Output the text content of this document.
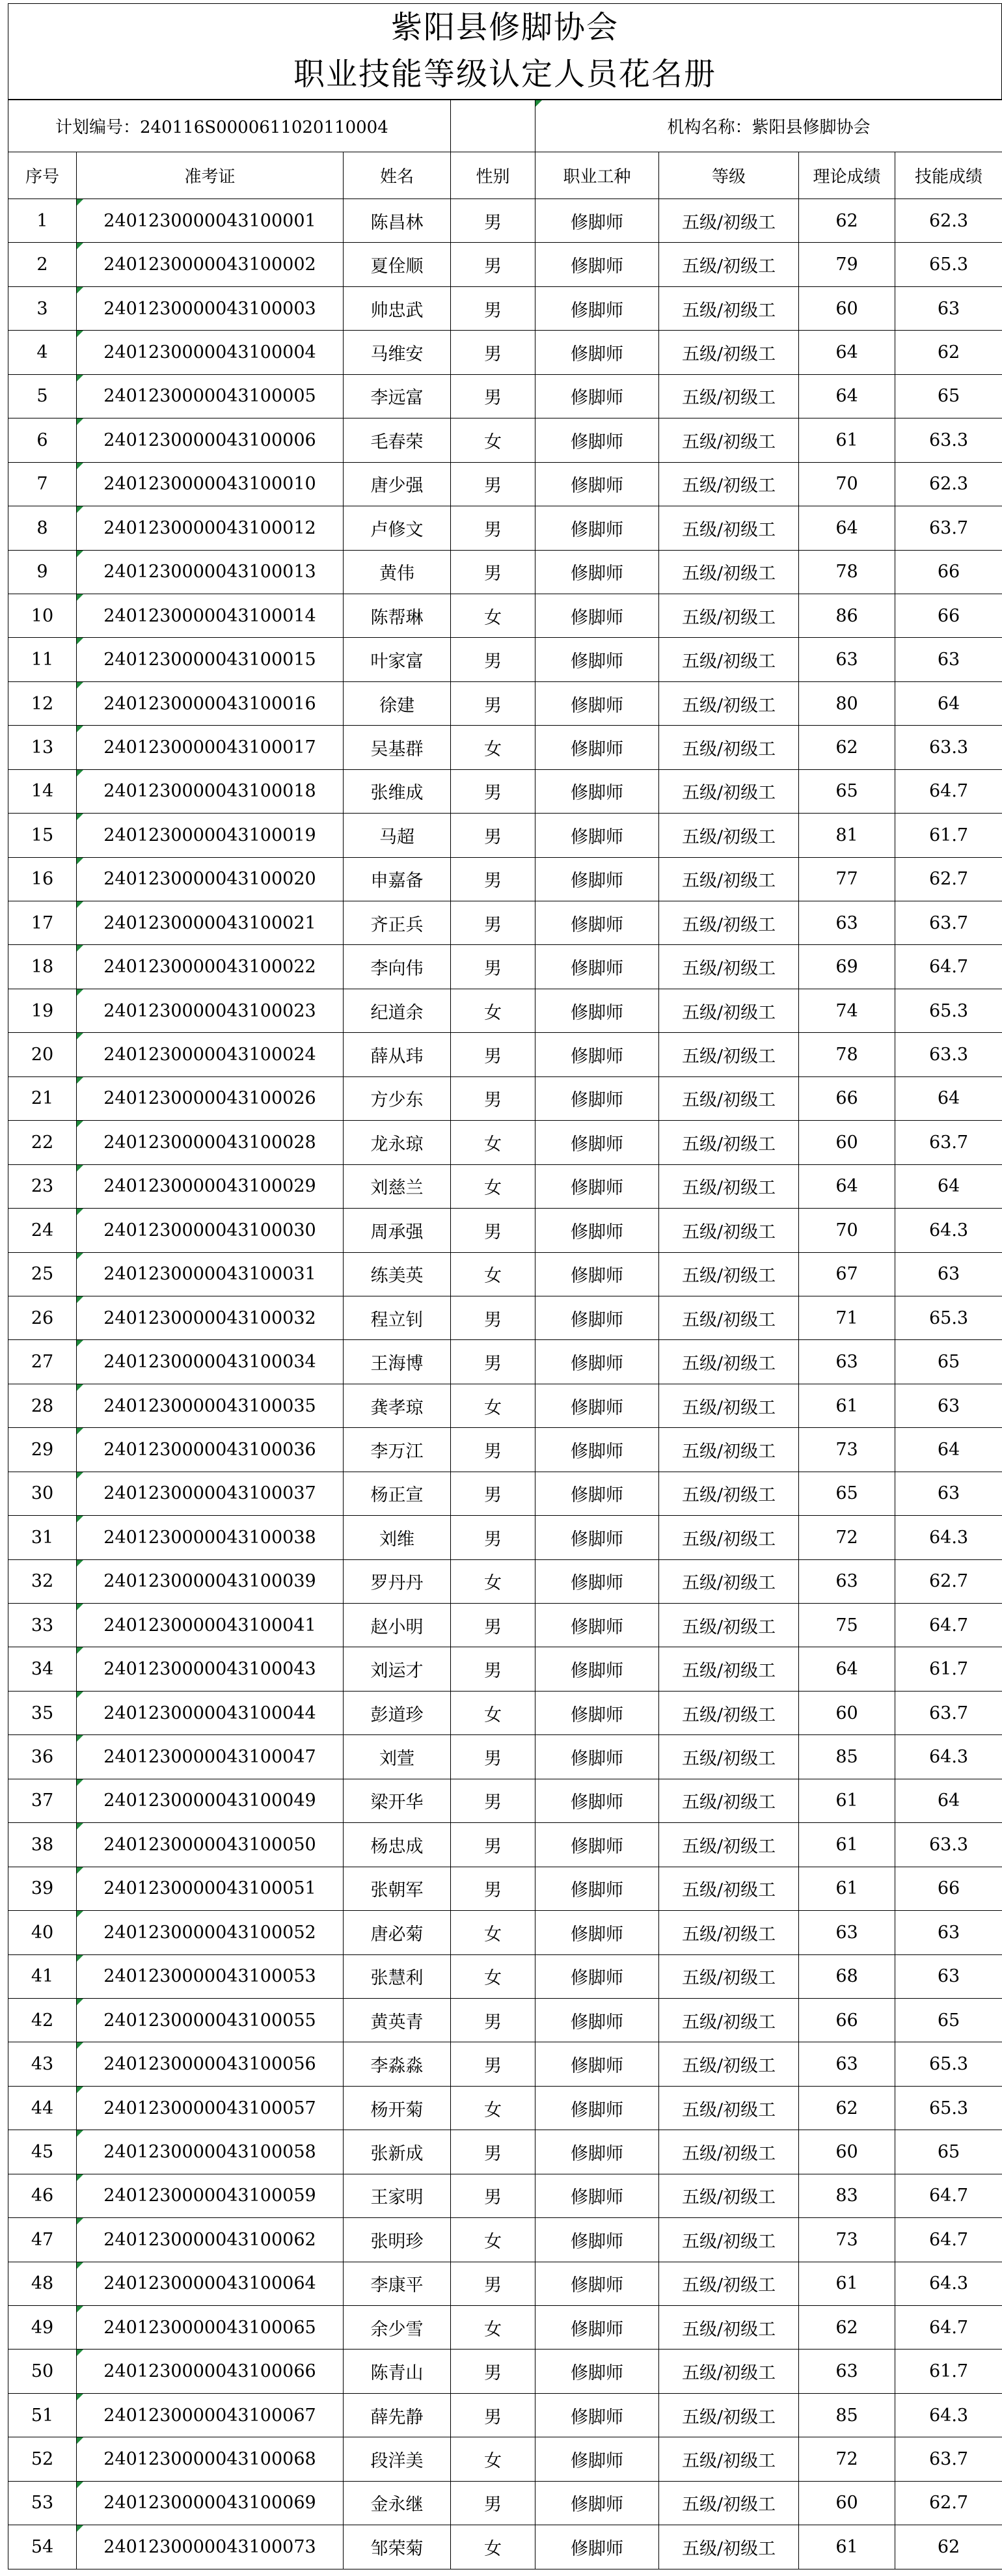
紫阳县修脚协会
职业技能等级认定人员花名册
计划编号：240116S0000611020110004				机构名称：紫阳县修脚协会			
序号	准考证	姓名	性别	职业工种	等级	理论成绩	技能成绩
1	2401230000043100001	陈昌林	男	修脚师	五级/初级工	62	62.3
2	2401230000043100002	夏佺顺	男	修脚师	五级/初级工	79	65.3
3	2401230000043100003	帅忠武	男	修脚师	五级/初级工	60	63
4	2401230000043100004	马维安	男	修脚师	五级/初级工	64	62
5	2401230000043100005	李远富	男	修脚师	五级/初级工	64	65
6	2401230000043100006	毛春荣	女	修脚师	五级/初级工	61	63.3
7	2401230000043100010	唐少强	男	修脚师	五级/初级工	70	62.3
8	2401230000043100012	卢修文	男	修脚师	五级/初级工	64	63.7
9	2401230000043100013	黄伟	男	修脚师	五级/初级工	78	66
10	2401230000043100014	陈帮琳	女	修脚师	五级/初级工	86	66
11	2401230000043100015	叶家富	男	修脚师	五级/初级工	63	63
12	2401230000043100016	徐建	男	修脚师	五级/初级工	80	64
13	2401230000043100017	吴基群	女	修脚师	五级/初级工	62	63.3
14	2401230000043100018	张维成	男	修脚师	五级/初级工	65	64.7
15	2401230000043100019	马超	男	修脚师	五级/初级工	81	61.7
16	2401230000043100020	申嘉备	男	修脚师	五级/初级工	77	62.7
17	2401230000043100021	齐正兵	男	修脚师	五级/初级工	63	63.7
18	2401230000043100022	李向伟	男	修脚师	五级/初级工	69	64.7
19	2401230000043100023	纪道余	女	修脚师	五级/初级工	74	65.3
20	2401230000043100024	薛从玮	男	修脚师	五级/初级工	78	63.3
21	2401230000043100026	方少东	男	修脚师	五级/初级工	66	64
22	2401230000043100028	龙永琼	女	修脚师	五级/初级工	60	63.7
23	2401230000043100029	刘慈兰	女	修脚师	五级/初级工	64	64
24	2401230000043100030	周承强	男	修脚师	五级/初级工	70	64.3
25	2401230000043100031	练美英	女	修脚师	五级/初级工	67	63
26	2401230000043100032	程立钊	男	修脚师	五级/初级工	71	65.3
27	2401230000043100034	王海博	男	修脚师	五级/初级工	63	65
28	2401230000043100035	龚孝琼	女	修脚师	五级/初级工	61	63
29	2401230000043100036	李万江	男	修脚师	五级/初级工	73	64
30	2401230000043100037	杨正宣	男	修脚师	五级/初级工	65	63
31	2401230000043100038	刘维	男	修脚师	五级/初级工	72	64.3
32	2401230000043100039	罗丹丹	女	修脚师	五级/初级工	63	62.7
33	2401230000043100041	赵小明	男	修脚师	五级/初级工	75	64.7
34	2401230000043100043	刘运才	男	修脚师	五级/初级工	64	61.7
35	2401230000043100044	彭道珍	女	修脚师	五级/初级工	60	63.7
36	2401230000043100047	刘萱	男	修脚师	五级/初级工	85	64.3
37	2401230000043100049	梁开华	男	修脚师	五级/初级工	61	64
38	2401230000043100050	杨忠成	男	修脚师	五级/初级工	61	63.3
39	2401230000043100051	张朝军	男	修脚师	五级/初级工	61	66
40	2401230000043100052	唐必菊	女	修脚师	五级/初级工	63	63
41	2401230000043100053	张慧利	女	修脚师	五级/初级工	68	63
42	2401230000043100055	黄英青	男	修脚师	五级/初级工	66	65
43	2401230000043100056	李淼淼	男	修脚师	五级/初级工	63	65.3
44	2401230000043100057	杨开菊	女	修脚师	五级/初级工	62	65.3
45	2401230000043100058	张新成	男	修脚师	五级/初级工	60	65
46	2401230000043100059	王家明	男	修脚师	五级/初级工	83	64.7
47	2401230000043100062	张明珍	女	修脚师	五级/初级工	73	64.7
48	2401230000043100064	李康平	男	修脚师	五级/初级工	61	64.3
49	2401230000043100065	余少雪	女	修脚师	五级/初级工	62	64.7
50	2401230000043100066	陈青山	男	修脚师	五级/初级工	63	61.7
51	2401230000043100067	薛先静	男	修脚师	五级/初级工	85	64.3
52	2401230000043100068	段洋美	女	修脚师	五级/初级工	72	63.7
53	2401230000043100069	金永继	男	修脚师	五级/初级工	60	62.7
54	2401230000043100073	邹荣菊	女	修脚师	五级/初级工	61	62
